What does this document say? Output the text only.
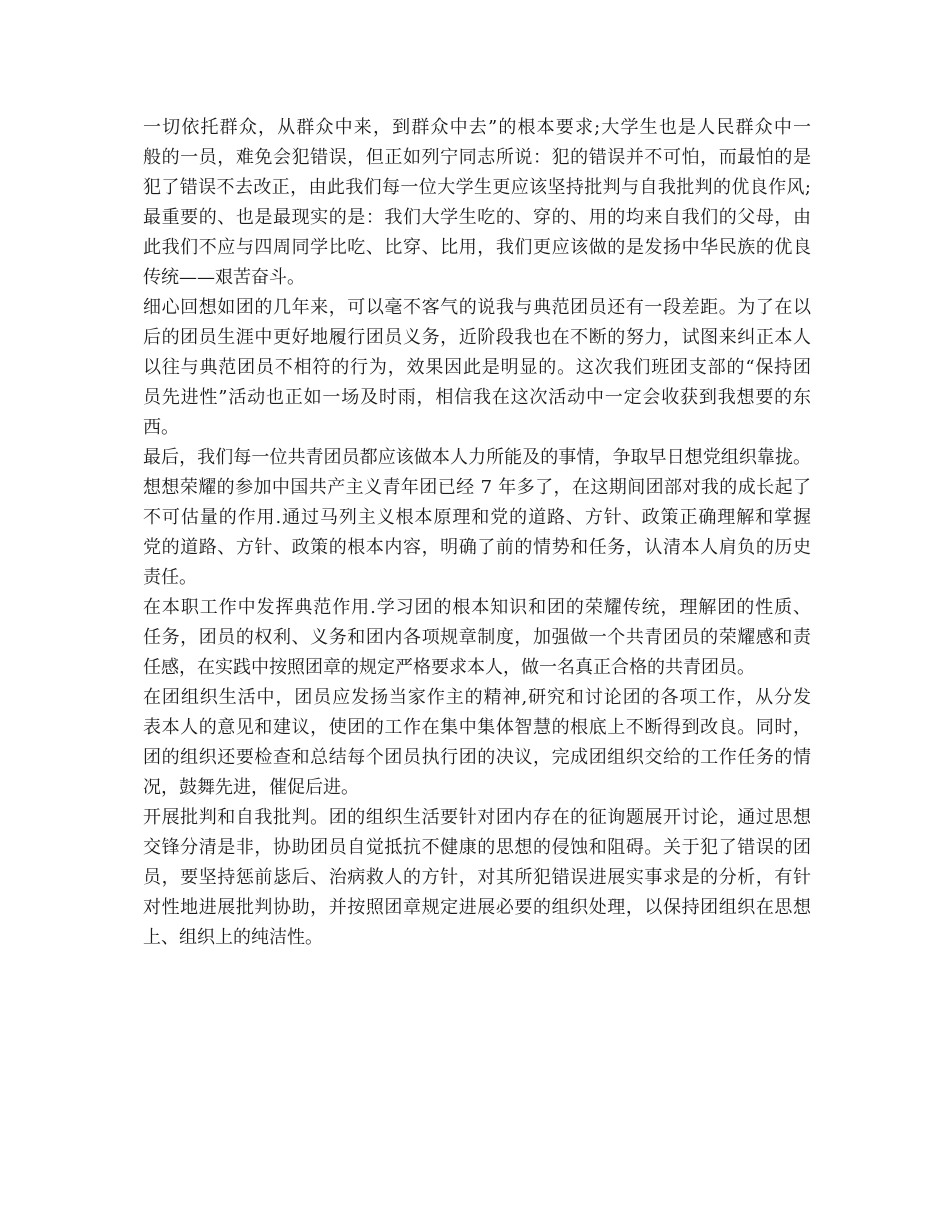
一切依托群众，从群众中来，到群众中去”的根本要求;大学生也是人民群众中一
般的一员，难免会犯错误，但正如列宁同志所说：犯的错误并不可怕，而最怕的是
犯了错误不去改正，由此我们每一位大学生更应该坚持批判与自我批判的优良作风;
最重要的、也是最现实的是：我们大学生吃的、穿的、用的均来自我们的父母，由
此我们不应与四周同学比吃、比穿、比用，我们更应该做的是发扬中华民族的优良
传统——艰苦奋斗。
细心回想如团的几年来，可以毫不客气的说我与典范团员还有一段差距。为了在以
后的团员生涯中更好地履行团员义务，近阶段我也在不断的努力，试图来纠正本人
以往与典范团员不相符的行为，效果因此是明显的。这次我们班团支部的“保持团
员先进性”活动也正如一场及时雨，相信我在这次活动中一定会收获到我想要的东
西。
最后，我们每一位共青团员都应该做本人力所能及的事情，争取早日想党组织靠拢。
想想荣耀的参加中国共产主义青年团已经 7 年多了，在这期间团部对我的成长起了
不可估量的作用.通过马列主义根本原理和党的道路、方针、政策正确理解和掌握
党的道路、方针、政策的根本内容，明确了前的情势和任务，认清本人肩负的历史
责任。
在本职工作中发挥典范作用.学习团的根本知识和团的荣耀传统，理解团的性质、
任务，团员的权利、义务和团内各项规章制度，加强做一个共青团员的荣耀感和责
任感，在实践中按照团章的规定严格要求本人，做一名真正合格的共青团员。
在团组织生活中，团员应发扬当家作主的精神,研究和讨论团的各项工作，从分发
表本人的意见和建议，使团的工作在集中集体智慧的根底上不断得到改良。同时，
团的组织还要检查和总结每个团员执行团的决议，完成团组织交给的工作任务的情
况，鼓舞先进，催促后进。
开展批判和自我批判。团的组织生活要针对团内存在的征询题展开讨论，通过思想
交锋分清是非，协助团员自觉抵抗不健康的思想的侵蚀和阻碍。关于犯了错误的团
员，要坚持惩前毖后、治病救人的方针，对其所犯错误进展实事求是的分析，有针
对性地进展批判协助，并按照团章规定进展必要的组织处理，以保持团组织在思想
上、组织上的纯洁性。
